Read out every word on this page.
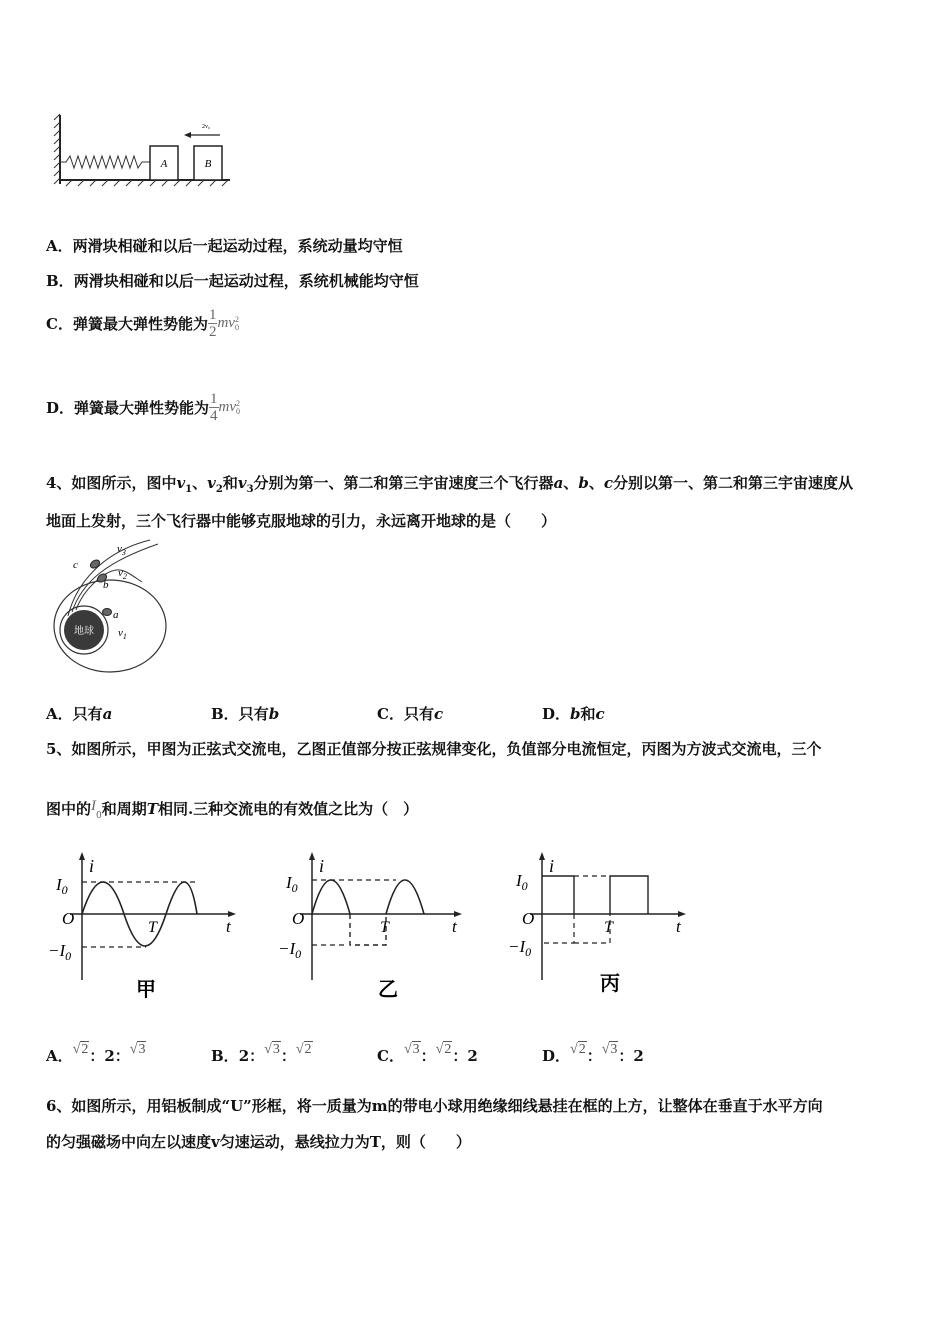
A	B
2v₀
A．两滑块相碰和以后一起运动过程，系统动量均守恒
B．两滑块相碰和以后一起运动过程，系统机械能均守恒
C．弹簧最大弹性势能为 $\frac{1}{2}$ mv 2
0
D．弹簧最大弹性势能为 $\frac{1}{4}$ mv 2
0
4、如图所示，图中$v_1$、$v_2$和$v_3$分别为第一、第二和第三宇宙速度三个飞行器a、b、c分别以第一、第二和第三宇宙速度从
地面上发射，三个飞行器中能够克服地球的引力，永远离开地球的是（　　）
地球
$v_3$
$v_2$
$v_1$
c
b
a
A．只有a	B．只有b	C．只有c	D．b和c
5、如图所示，甲图为正弦式交流电，乙图正值部分按正弦规律变化，负值部分电流恒定，丙图为方波式交流电，三个
图中的$I_0$和周期T相同.三种交流电的有效值之比为（　）
i
$I_0$
O
$-I_0$
T	t
甲
i
$I_0$
O
$-I_0$
T	t
乙
i
$I_0$
O
$-I_0$
T	t
丙
A．√2：2：√3	B．2：√3：√2	C．√3：√2：2	D．√2：√3：2
6、如图所示，用铝板制成“U”形框，将一质量为m的带电小球用绝缘细线悬挂在框的上方，让整体在垂直于水平方向
的匀强磁场中向左以速度v匀速运动，悬线拉力为T，则（　　）
